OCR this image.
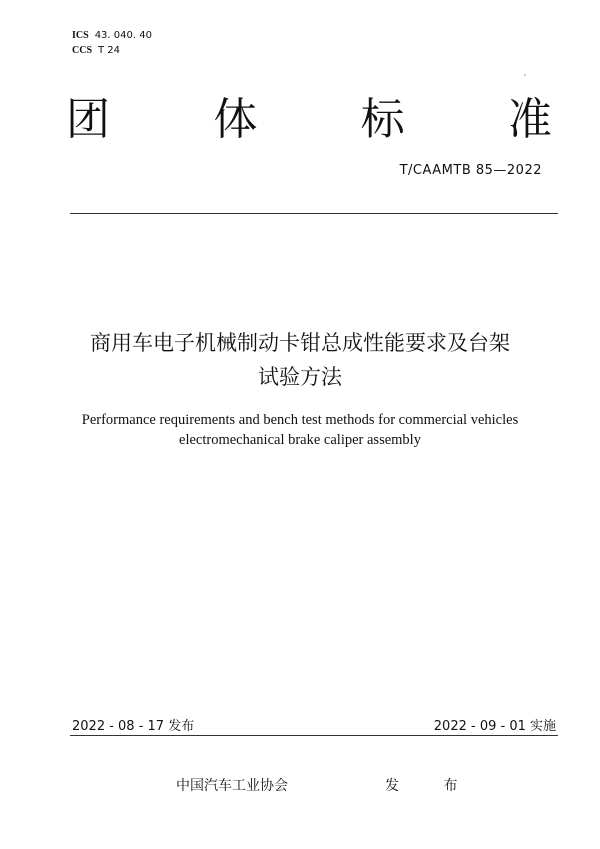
ICS 43. 040. 40
CCS T 24
团 体 标 准
T/CAAMTB 85—2022
商用车电子机械制动卡钳总成性能要求及台架
试验方法
Performance requirements and bench test methods for commercial vehicles
electromechanical brake caliper assembly
2022 - 08 - 17 发布	2022 - 09 - 01 实施
中国汽车工业协会	发 布
